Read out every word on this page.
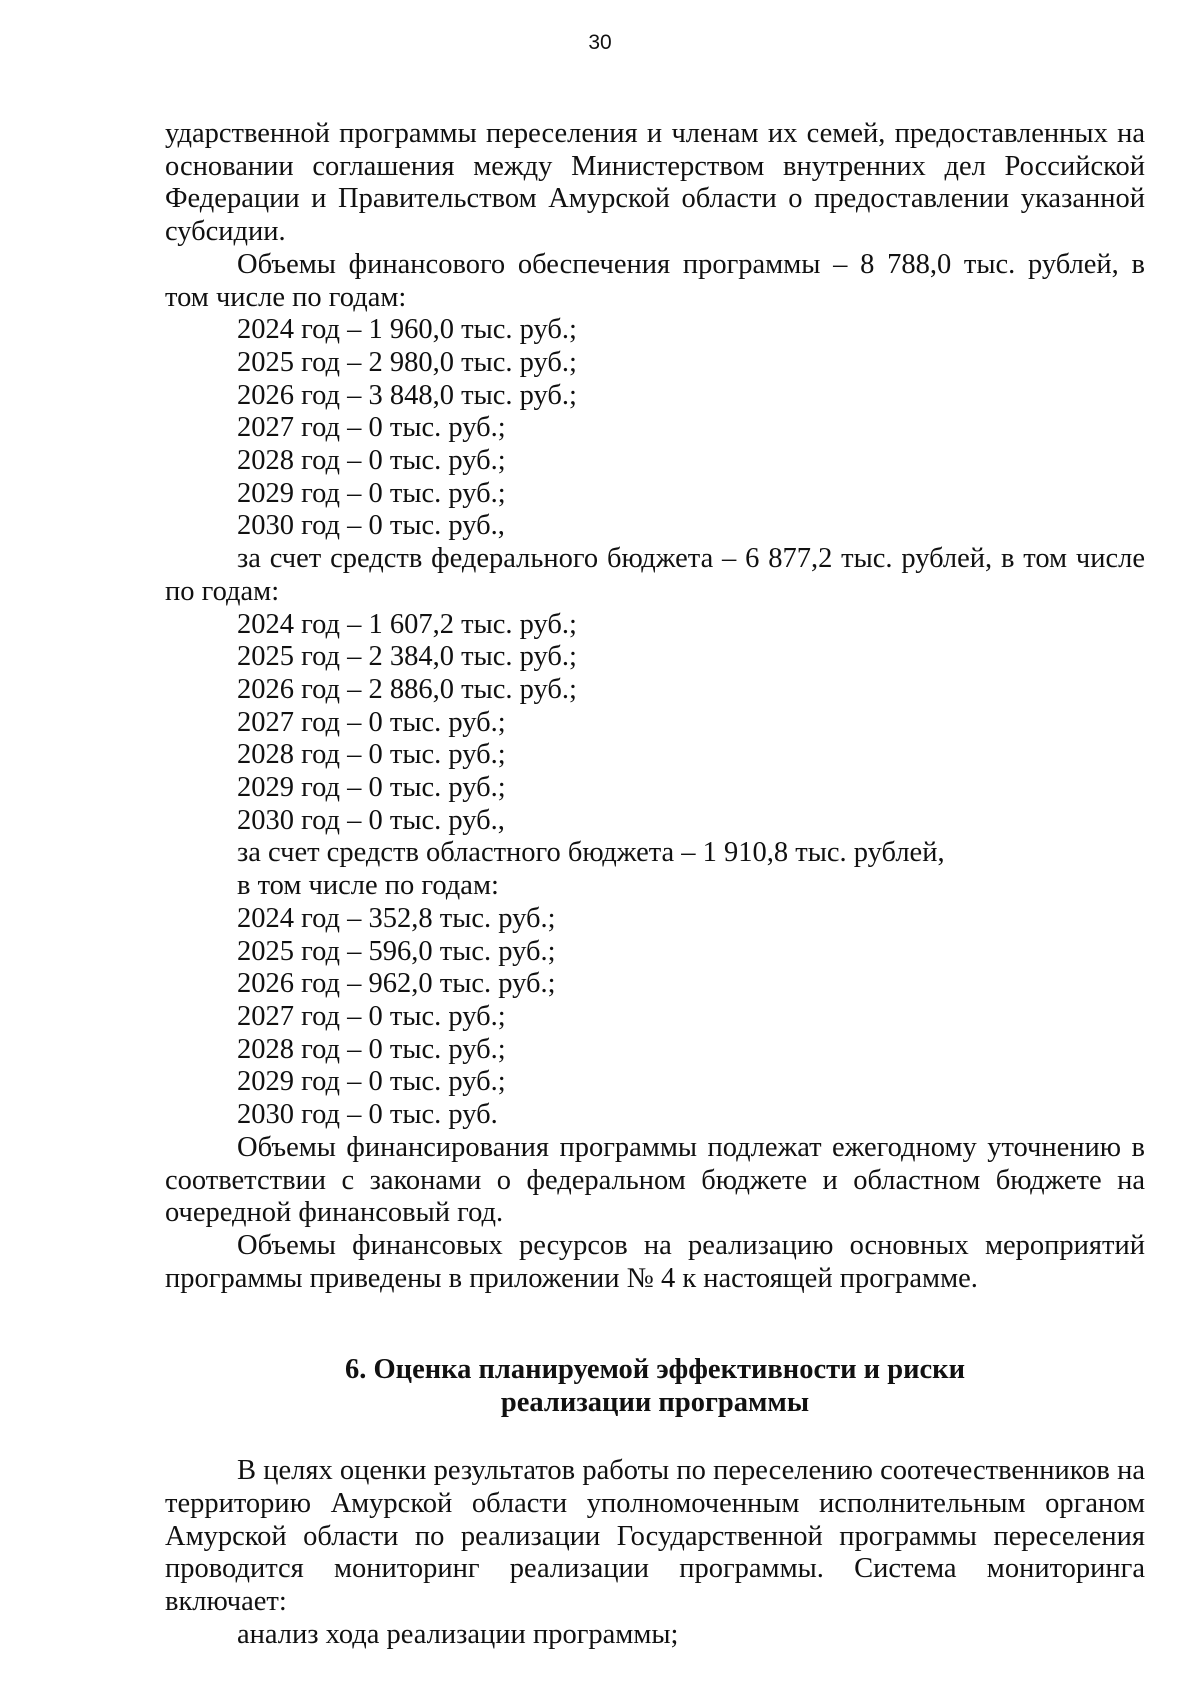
30

ударственной программы переселения и членам их семей, предоставленных на основании соглашения между Министерством внутренних дел Российской Федерации и Правительством Амурской области о предоставлении указанной субсидии.

Объемы финансового обеспечения программы – 8 788,0 тыс. рублей, в том числе по годам:

2024 год – 1 960,0 тыс. руб.;
2025 год – 2 980,0 тыс. руб.;
2026 год – 3 848,0 тыс. руб.;
2027 год – 0 тыс. руб.;
2028 год – 0 тыс. руб.;
2029 год – 0 тыс. руб.;
2030 год – 0 тыс. руб.,

за счет средств федерального бюджета – 6 877,2 тыс. рублей, в том числе по годам:

2024 год – 1 607,2 тыс. руб.;
2025 год – 2 384,0 тыс. руб.;
2026 год – 2 886,0 тыс. руб.;
2027 год – 0 тыс. руб.;
2028 год – 0 тыс. руб.;
2029 год – 0 тыс. руб.;
2030 год – 0 тыс. руб.,
за счет средств областного бюджета – 1 910,8 тыс. рублей,
в том числе по годам:
2024 год – 352,8 тыс. руб.;
2025 год – 596,0 тыс. руб.;
2026 год – 962,0 тыс. руб.;
2027 год – 0 тыс. руб.;
2028 год – 0 тыс. руб.;
2029 год – 0 тыс. руб.;
2030 год – 0 тыс. руб.

Объемы финансирования программы подлежат ежегодному уточнению в соответствии с законами о федеральном бюджете и областном бюджете на очередной финансовый год.

Объемы финансовых ресурсов на реализацию основных мероприятий программы приведены в приложении № 4 к настоящей программе.

6. Оценка планируемой эффективности и риски
реализации программы

В целях оценки результатов работы по переселению соотечественников на территорию Амурской области уполномоченным исполнительным органом Амурской области по реализации Государственной программы переселения проводится мониторинг реализации программы. Система мониторинга включает:

анализ хода реализации программы;
